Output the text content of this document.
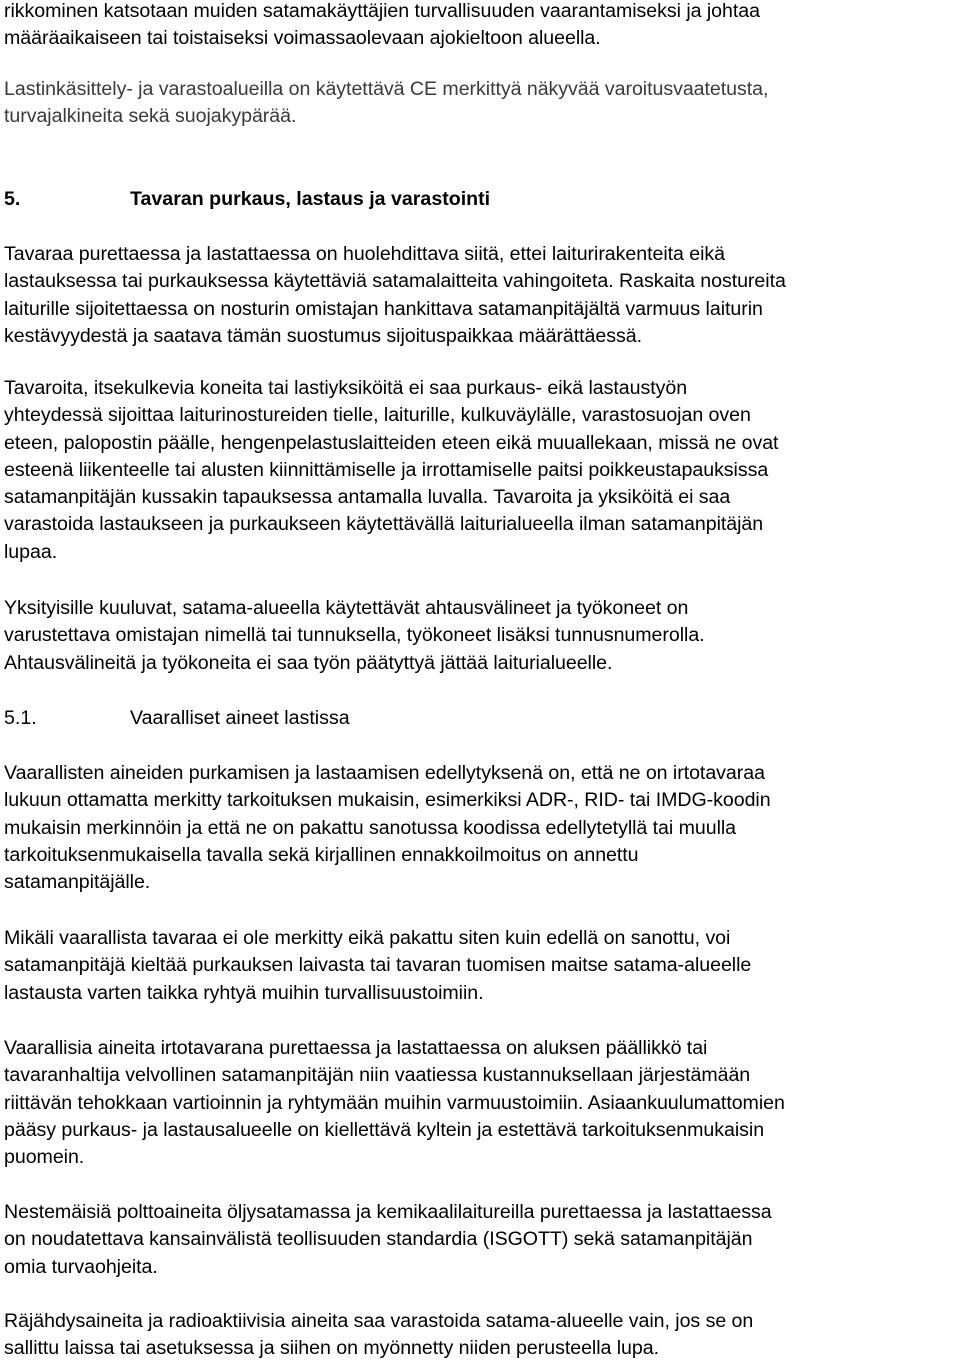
rikkominen katsotaan muiden satamakäyttäjien turvallisuuden vaarantamiseksi ja johtaa
määräaikaiseen tai toistaiseksi voimassaolevaan ajokieltoon alueella.
Lastinkäsittely- ja varastoalueilla on käytettävä CE merkittyä näkyvää varoitusvaatetusta,
turvajalkineita sekä suojakypärää.
5.	Tavaran purkaus, lastaus ja varastointi
Tavaraa purettaessa ja lastattaessa on huolehdittava siitä, ettei laiturirakenteita eikä
lastauksessa tai purkauksessa käytettäviä satamalaitteita vahingoiteta. Raskaita nostureita
laiturille sijoitettaessa on nosturin omistajan hankittava satamanpitäjältä varmuus laiturin
kestävyydestä ja saatava tämän suostumus sijoituspaikkaa määrättäessä.
Tavaroita, itsekulkevia koneita tai lastiyksiköitä ei saa purkaus- eikä lastaustyön
yhteydessä sijoittaa laiturinostureiden tielle, laiturille, kulkuväylälle, varastosuojan oven
eteen, palopostin päälle, hengenpelastuslaitteiden eteen eikä muuallekaan, missä ne ovat
esteenä liikenteelle tai alusten kiinnittämiselle ja irrottamiselle paitsi poikkeustapauksissa
satamanpitäjän kussakin tapauksessa antamalla luvalla. Tavaroita ja yksiköitä ei saa
varastoida lastaukseen ja purkaukseen käytettävällä laiturialueella ilman satamanpitäjän
lupaa.
Yksityisille kuuluvat, satama-alueella käytettävät ahtausvälineet ja työkoneet on
varustettava omistajan nimellä tai tunnuksella, työkoneet lisäksi tunnusnumerolla.
Ahtausvälineitä ja työkoneita ei saa työn päätyttyä jättää laiturialueelle.
5.1.	Vaaralliset aineet lastissa
Vaarallisten aineiden purkamisen ja lastaamisen edellytyksenä on, että ne on irtotavaraa
lukuun ottamatta merkitty tarkoituksen mukaisin, esimerkiksi ADR-, RID- tai IMDG-koodin
mukaisin merkinnöin ja että ne on pakattu sanotussa koodissa edellytetyllä tai muulla
tarkoituksenmukaisella tavalla sekä kirjallinen ennakkoilmoitus on annettu
satamanpitäjälle.
Mikäli vaarallista tavaraa ei ole merkitty eikä pakattu siten kuin edellä on sanottu, voi
satamanpitäjä kieltää purkauksen laivasta tai tavaran tuomisen maitse satama-alueelle
lastausta varten taikka ryhtyä muihin turvallisuustoimiin.
Vaarallisia aineita irtotavarana purettaessa ja lastattaessa on aluksen päällikkö tai
tavaranhaltija velvollinen satamanpitäjän niin vaatiessa kustannuksellaan järjestämään
riittävän tehokkaan vartioinnin ja ryhtymään muihin varmuustoimiin. Asiaankuulumattomien
pääsy purkaus- ja lastausalueelle on kiellettävä kyltein ja estettävä tarkoituksenmukaisin
puomein.
Nestemäisiä polttoaineita öljysatamassa ja kemikaalilaitureilla purettaessa ja lastattaessa
on noudatettava kansainvälistä teollisuuden standardia (ISGOTT) sekä satamanpitäjän
omia turvaohjeita.
Räjähdysaineita ja radioaktiivisia aineita saa varastoida satama-alueelle vain, jos se on
sallittu laissa tai asetuksessa ja siihen on myönnetty niiden perusteella lupa.
